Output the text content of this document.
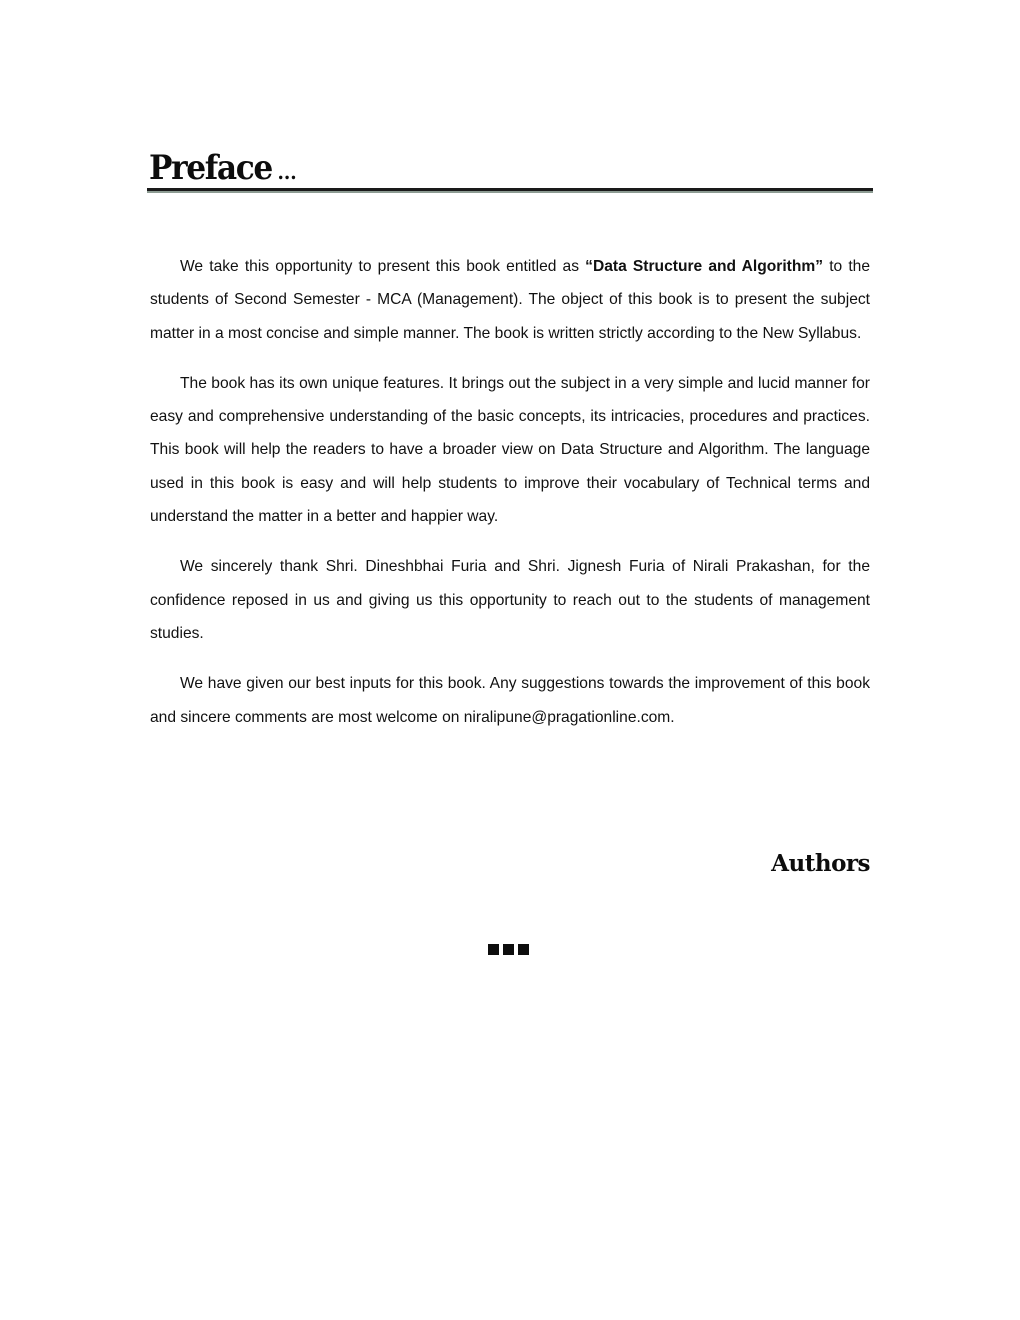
Preface ...

We take this opportunity to present this book entitled as “Data Structure and Algorithm” to the students of Second Semester - MCA (Management). The object of this book is to present the subject matter in a most concise and simple manner. The book is written strictly according to the New Syllabus.

The book has its own unique features. It brings out the subject in a very simple and lucid manner for easy and comprehensive understanding of the basic concepts, its intricacies, procedures and practices. This book will help the readers to have a broader view on Data Structure and Algorithm. The language used in this book is easy and will help students to improve their vocabulary of Technical terms and understand the matter in a better and happier way.

We sincerely thank Shri. Dineshbhai Furia and Shri. Jignesh Furia of Nirali Prakashan, for the confidence reposed in us and giving us this opportunity to reach out to the students of management studies.

We have given our best inputs for this book. Any suggestions towards the improvement of this book and sincere comments are most welcome on niralipune@pragationline.com.

Authors
